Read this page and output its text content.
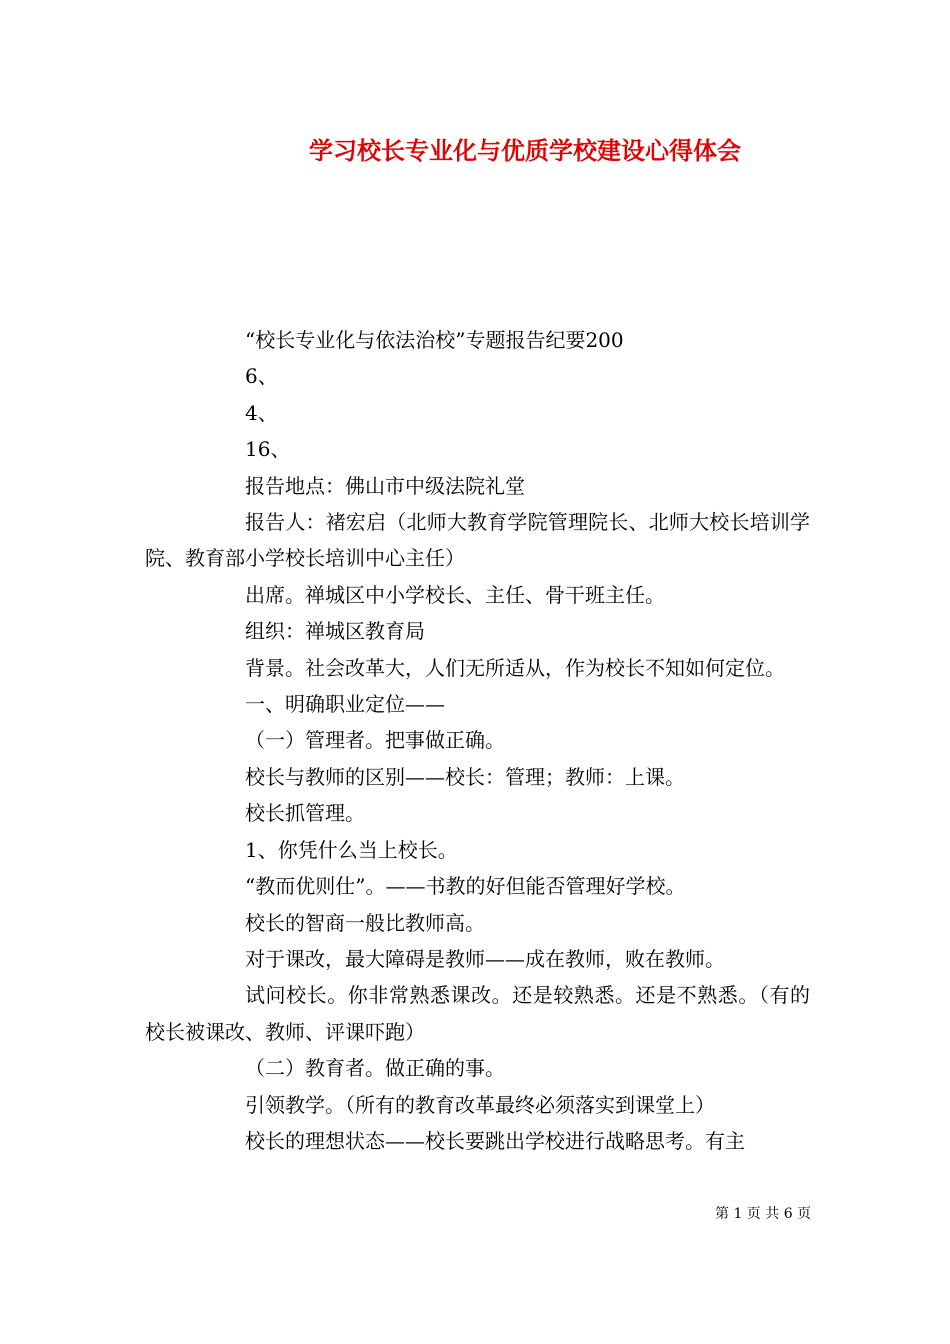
学习校长专业化与优质学校建设心得体会

“校长专业化与依法治校”专题报告纪要200

6、

4、

16、

报告地点：佛山市中级法院礼堂

报告人：褚宏启（北师大教育学院管理院长、北师大校长培训学院、教育部小学校长培训中心主任）

出席。禅城区中小学校长、主任、骨干班主任。

组织：禅城区教育局

背景。社会改革大，人们无所适从，作为校长不知如何定位。

一、明确职业定位——

（一）管理者。把事做正确。

校长与教师的区别——校长：管理；教师：上课。

校长抓管理。

1、你凭什么当上校长。

“教而优则仕”。——书教的好但能否管理好学校。

校长的智商一般比教师高。

对于课改，最大障碍是教师——成在教师，败在教师。

试问校长。你非常熟悉课改。还是较熟悉。还是不熟悉。（有的校长被课改、教师、评课吓跑）

（二）教育者。做正确的事。

引领教学。（所有的教育改革最终必须落实到课堂上）

校长的理想状态——校长要跳出学校进行战略思考。有主

第 1 页 共 6 页
